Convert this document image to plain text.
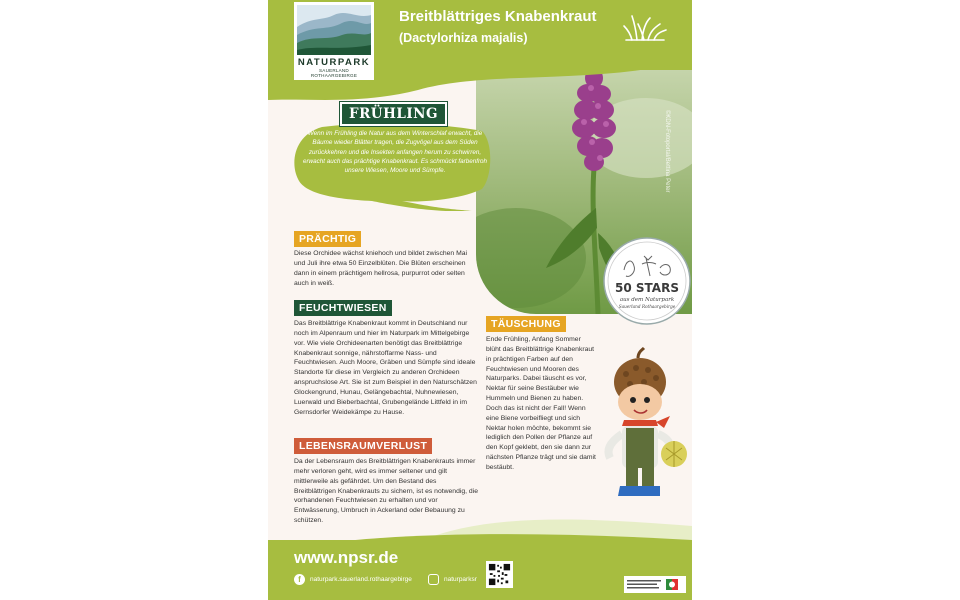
©KDN-Fotoportal/Bettina Peter
NATURPARK
SAUERLAND ROTHAARGEBIRGE
Breitblättriges Knabenkraut
(Dactylorhiza majalis)
FRÜHLING
Wenn im Frühling die Natur aus dem Winterschlaf erwacht, die Bäume wieder Blätter tragen, die Zugvögel aus dem Süden zurückkehren und die Insekten anfangen herum zu schwirren, erwacht auch das prächtige Knabenkraut. Es schmückt farbenfroh unsere Wiesen, Moore und Sümpfe.
PRÄCHTIG
Diese Orchidee wächst kniehoch und bildet zwischen Mai und Juli ihre etwa 50 Einzelblüten. Die Blüten erscheinen dann in einem prächtigem hellrosa, purpurrot oder selten auch in weiß.
FEUCHTWIESEN
Das Breitblättrige Knabenkraut kommt in Deutschland nur noch im Alpenraum und hier im Naturpark im Mittelgebirge vor. Wie viele Orchideenarten benötigt das Breitblättrige Knabenkraut sonnige, nährstoffarme Nass- und Feuchtwiesen. Auch Moore, Gräben und Sümpfe sind ideale Standorte für diese im Vergleich zu anderen Orchideen anspruchslose Art. Sie ist zum Beispiel in den Naturschätzen Glockengrund, Hunau, Gelängebachtal, Nuhnewiesen, Luerwald und Bieberbachtal, Grubengelände Littfeld in im Gernsdorfer Weidekämpe zu Hause.
LEBENSRAUMVERLUST
Da der Lebensraum des Breitblättrigen Knabenkrauts immer mehr verloren geht, wird es immer seltener und gilt mittlerweile als gefährdet. Um den Bestand des Breitblättrigen Knabenkrauts zu sichern, ist es notwendig, die vorhandenen Feuchtwiesen zu erhalten und vor Entwässerung, Umbruch in Ackerland oder Bebauung zu schützen.
TÄUSCHUNG
Ende Frühling, Anfang Sommer blüht das Breitblättrige Knabenkraut in prächtigen Farben auf den Feuchtwiesen und Mooren des Naturparks. Dabei täuscht es vor, Nektar für seine Bestäuber wie Hummeln und Bienen zu haben. Doch das ist nicht der Fall! Wenn eine Biene vorbeifliegt und sich Nektar holen möchte, bekommt sie lediglich den Pollen der Pflanze auf den Kopf geklebt, den sie dann zur nächsten Pflanze trägt und sie damit bestäubt.
50 STARS
aus dem Naturpark
Sauerland Rothaargebirge
www.npsr.de
f	naturpark.sauerland.rothaargebirge	naturparksr
